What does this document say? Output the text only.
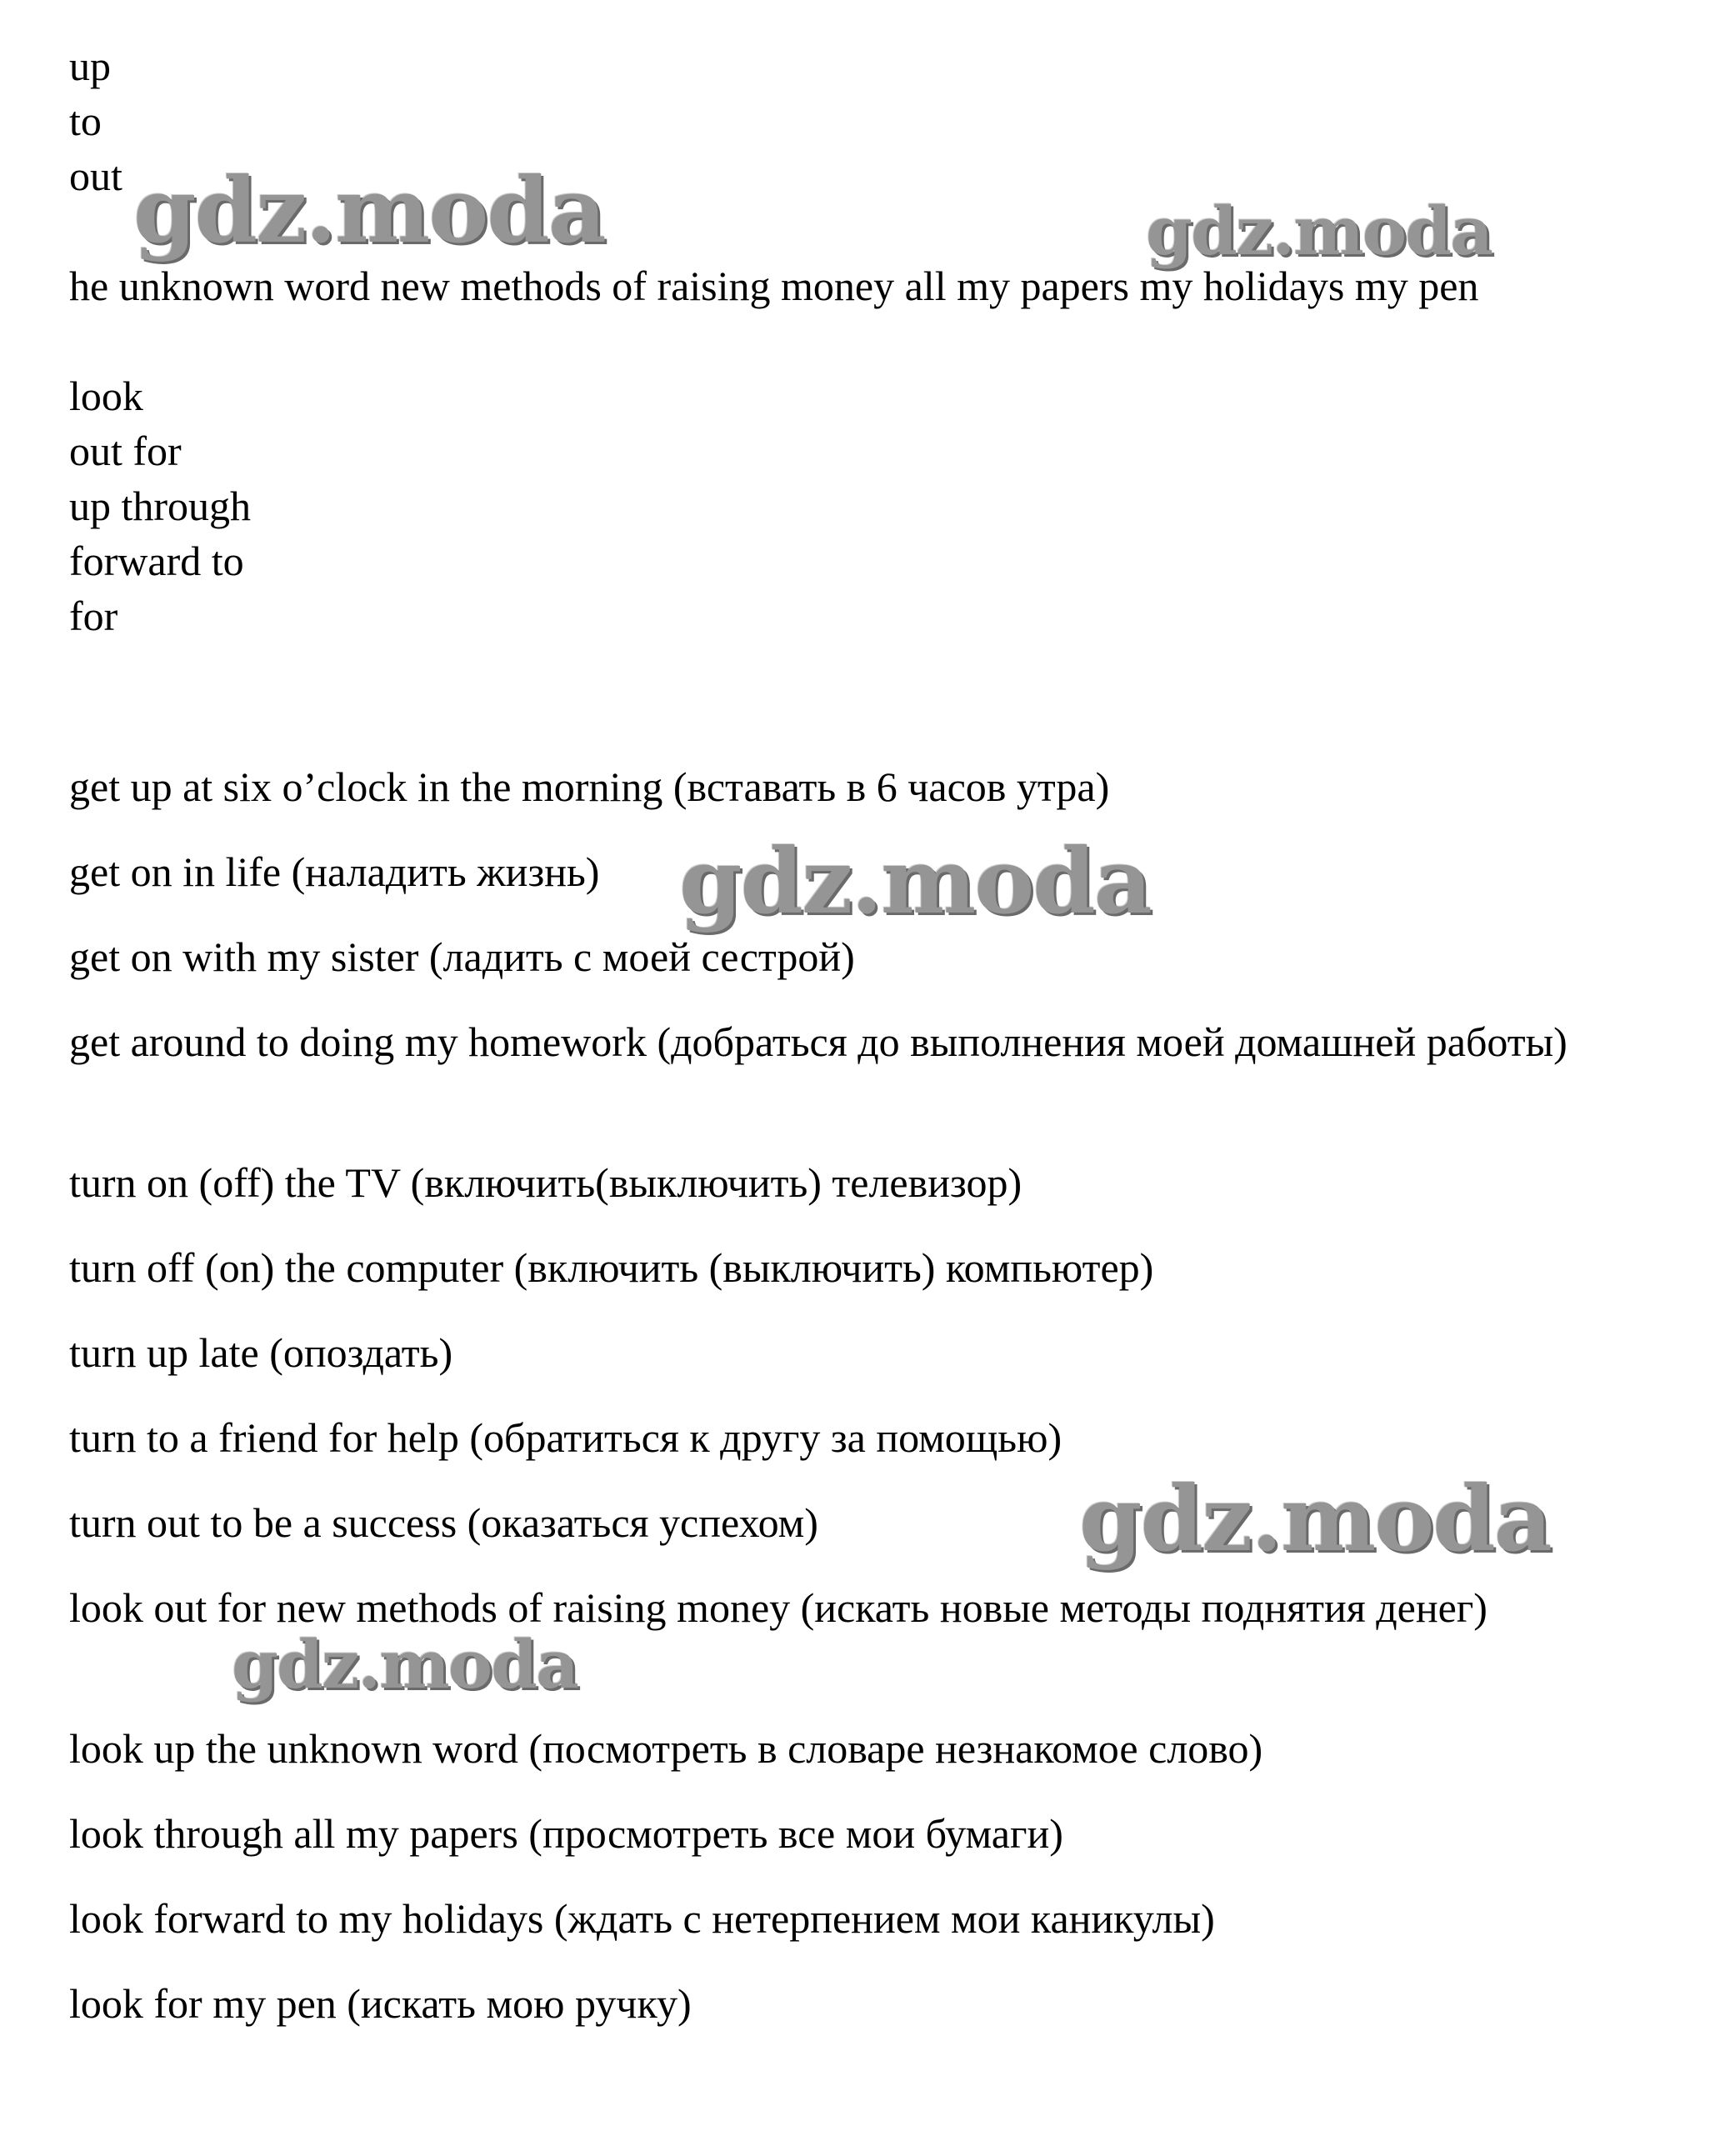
up
to
out
he unknown word new methods of raising money all my papers my holidays my pen
look
out for
up through
forward to
for
get up at six o’clock in the morning (вставать в 6 часов утра)
get on in life (наладить жизнь)
get on with my sister (ладить с моей сестрой)
get around to doing my homework (добраться до выполнения моей домашней работы)
turn on (off) the TV (включить(выключить) телевизор)
turn off (on) the computer (включить (выключить) компьютер)
turn up late (опоздать)
turn to a friend for help (обратиться к другу за помощью)
turn out to be a success (оказаться успехом)
look out for new methods of raising money (искать новые методы поднятия денег)
look up the unknown word (посмотреть в словаре незнакомое слово)
look through all my papers (просмотреть все мои бумаги)
look forward to my holidays (ждать с нетерпением мои каникулы)
look for my pen (искать мою ручку)
gdz.moda	gdz.moda
gdz.moda
gdz.moda
gdz.moda
